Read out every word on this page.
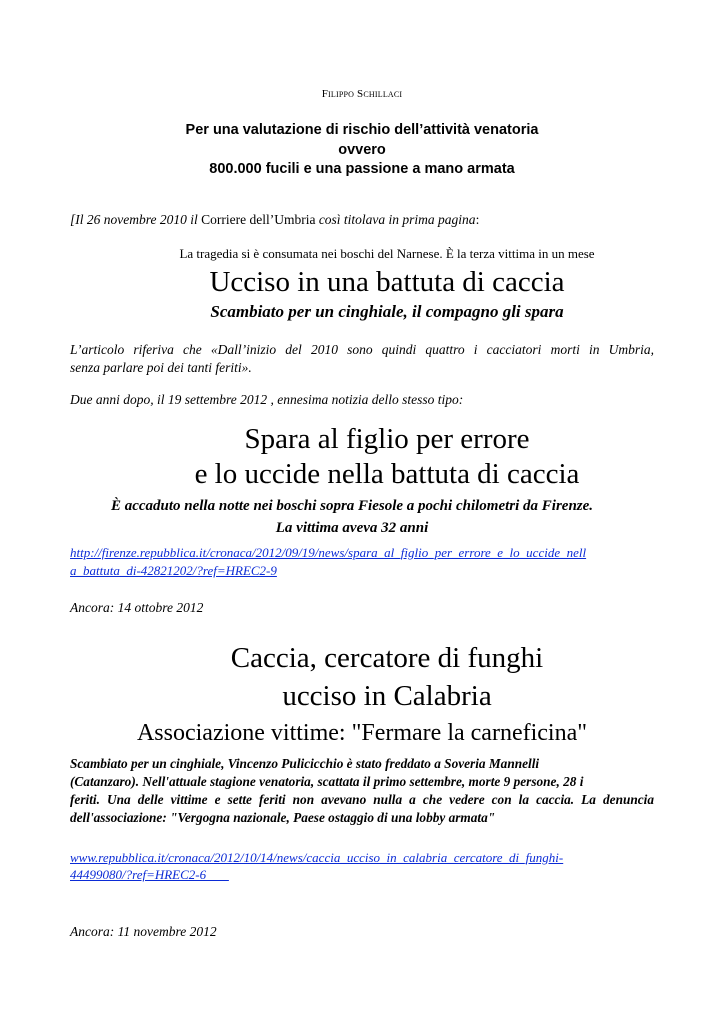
Filippo Schillaci
Per una valutazione di rischio dell’attività venatoria
ovvero
800.000 fucili e una passione a mano armata
[Il 26 novembre 2010 il Corriere dell’Umbria così titolava in prima pagina:
La tragedia si è consumata nei boschi del Narnese. È la terza vittima in un mese
Ucciso in una battuta di caccia
Scambiato per un cinghiale, il compagno gli spara
L’articolo riferiva che «Dall’inizio del 2010 sono quindi quattro i cacciatori morti in Umbria,
senza parlare poi dei tanti feriti».
Due anni dopo, il 19 settembre 2012 , ennesima notizia dello stesso tipo:
Spara al figlio per errore
e lo uccide nella battuta di caccia
È accaduto nella notte nei boschi sopra Fiesole a pochi chilometri da Firenze.
La vittima aveva 32 anni
http://firenze.repubblica.it/cronaca/2012/09/19/news/spara_al_figlio_per_errore_e_lo_uccide_nell
a_battuta_di-42821202/?ref=HREC2-9
Ancora: 14 ottobre 2012
Caccia, cercatore di funghi
ucciso in Calabria
Associazione vittime: "Fermare la carneficina"
Scambiato per un cinghiale, Vincenzo Pulicicchio è stato freddato a Soveria Mannelli
(Catanzaro). Nell'attuale stagione venatoria, scattata il primo settembre, morte 9 persone, 28 i
feriti. Una delle vittime e sette feriti non avevano nulla a che vedere con la caccia. La denuncia
dell'associazione: "Vergogna nazionale, Paese ostaggio di una lobby armata"
www.repubblica.it/cronaca/2012/10/14/news/caccia_ucciso_in_calabria_cercatore_di_funghi-
44499080/?ref=HREC2-6
Ancora: 11 novembre 2012
